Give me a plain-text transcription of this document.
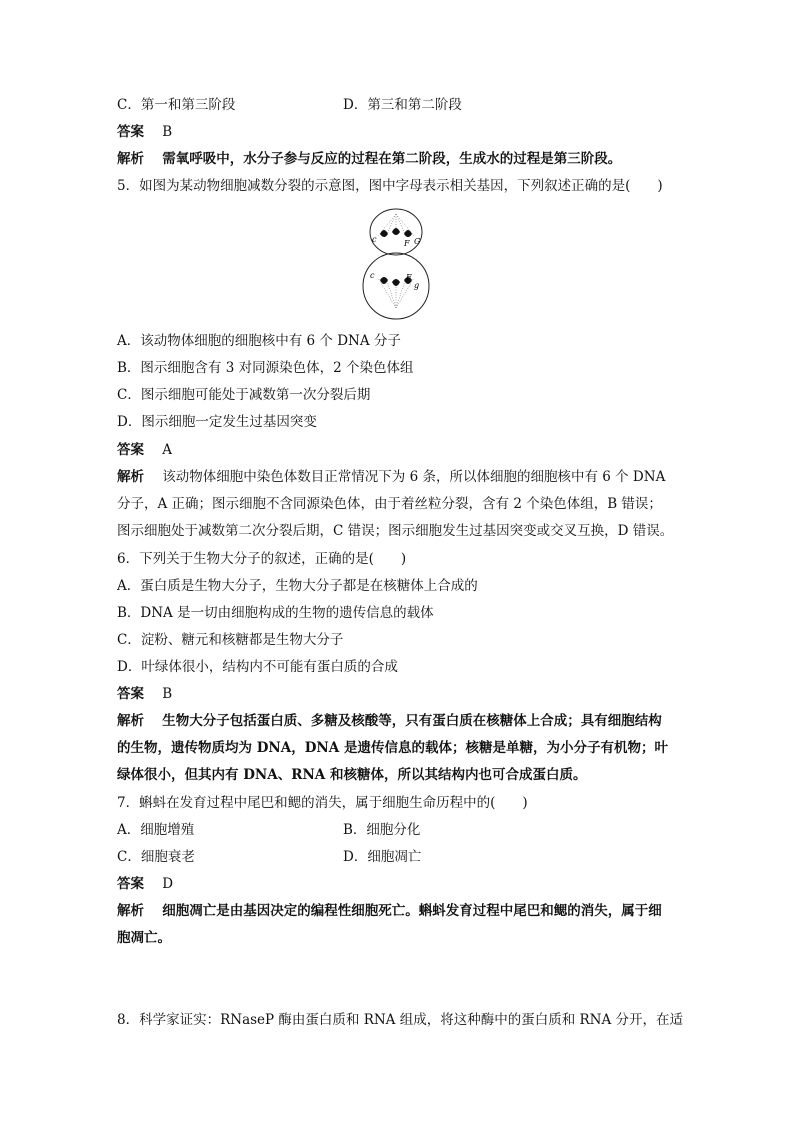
C．第一和第三阶段	D．第三和第二阶段
答案 B
解析 需氧呼吸中，水分子参与反应的过程在第二阶段，生成水的过程是第三阶段。
5．如图为某动物细胞减数分裂的示意图，图中字母表示相关基因，下列叙述正确的是(　　)
c	F G
c	F
g
A．该动物体细胞的细胞核中有 6 个 DNA 分子
B．图示细胞含有 3 对同源染色体，2 个染色体组
C．图示细胞可能处于减数第一次分裂后期
D．图示细胞一定发生过基因突变
答案 A
解析 该动物体细胞中染色体数目正常情况下为 6 条，所以体细胞的细胞核中有 6 个 DNA
分子，A 正确；图示细胞不含同源染色体，由于着丝粒分裂，含有 2 个染色体组，B 错误；
图示细胞处于减数第二次分裂后期，C 错误；图示细胞发生过基因突变或交叉互换，D 错误。
6．下列关于生物大分子的叙述，正确的是(　　)
A．蛋白质是生物大分子，生物大分子都是在核糖体上合成的
B．DNA 是一切由细胞构成的生物的遗传信息的载体
C．淀粉、糖元和核糖都是生物大分子
D．叶绿体很小，结构内不可能有蛋白质的合成
答案 B
解析 生物大分子包括蛋白质、多糖及核酸等，只有蛋白质在核糖体上合成；具有细胞结构
的生物，遗传物质均为 DNA，DNA 是遗传信息的载体；核糖是单糖，为小分子有机物；叶
绿体很小，但其内有 DNA、RNA 和核糖体，所以其结构内也可合成蛋白质。
7．蝌蚪在发育过程中尾巴和鳃的消失，属于细胞生命历程中的(　　)
A．细胞增殖	B．细胞分化
C．细胞衰老	D．细胞凋亡
答案 D
解析 细胞凋亡是由基因决定的编程性细胞死亡。蝌蚪发育过程中尾巴和鳃的消失，属于细
胞凋亡。
8．科学家证实：RNaseP 酶由蛋白质和 RNA 组成，将这种酶中的蛋白质和 RNA 分开，在适
